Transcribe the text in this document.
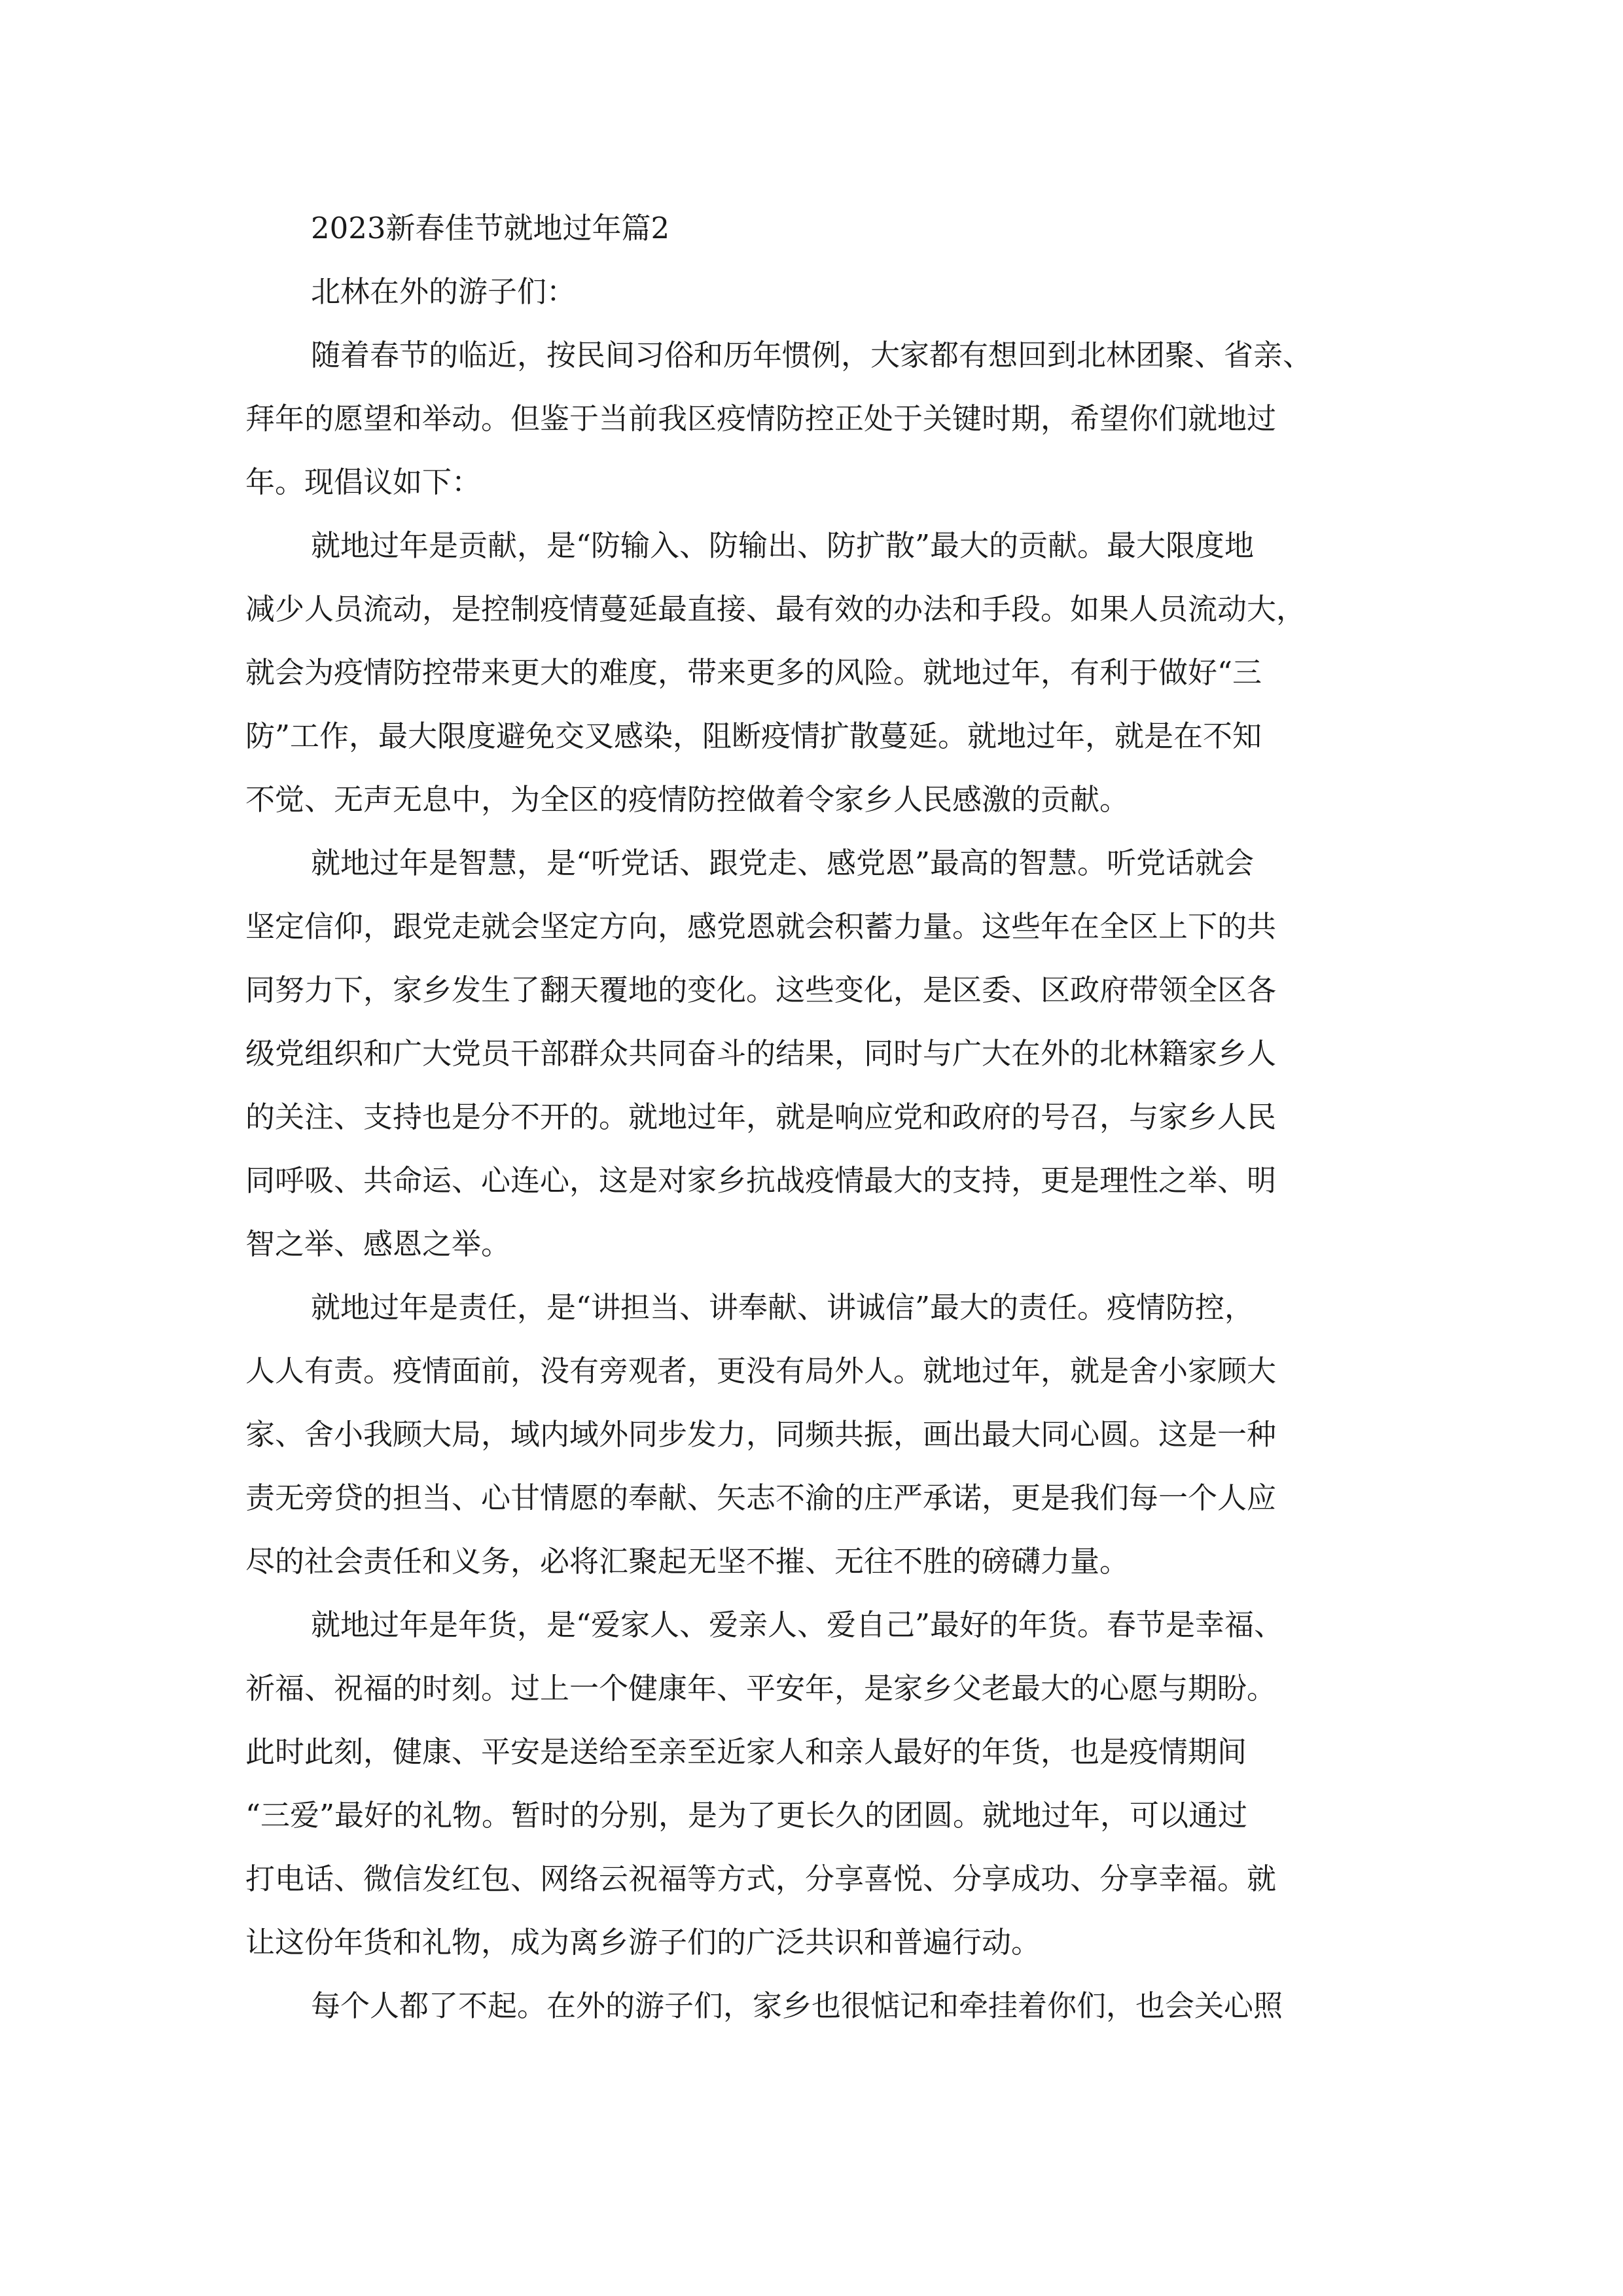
2023新春佳节就地过年篇2
北林在外的游子们：
随着春节的临近，按民间习俗和历年惯例，大家都有想回到北林团聚、省亲、
拜年的愿望和举动。但鉴于当前我区疫情防控正处于关键时期，希望你们就地过
年。现倡议如下：
就地过年是贡献，是“防输入、防输出、防扩散”最大的贡献。最大限度地
减少人员流动，是控制疫情蔓延最直接、最有效的办法和手段。如果人员流动大，
就会为疫情防控带来更大的难度，带来更多的风险。就地过年，有利于做好“三
防”工作，最大限度避免交叉感染，阻断疫情扩散蔓延。就地过年，就是在不知
不觉、无声无息中，为全区的疫情防控做着令家乡人民感激的贡献。
就地过年是智慧，是“听党话、跟党走、感党恩”最高的智慧。听党话就会
坚定信仰，跟党走就会坚定方向，感党恩就会积蓄力量。这些年在全区上下的共
同努力下，家乡发生了翻天覆地的变化。这些变化，是区委、区政府带领全区各
级党组织和广大党员干部群众共同奋斗的结果，同时与广大在外的北林籍家乡人
的关注、支持也是分不开的。就地过年，就是响应党和政府的号召，与家乡人民
同呼吸、共命运、心连心，这是对家乡抗战疫情最大的支持，更是理性之举、明
智之举、感恩之举。
就地过年是责任，是“讲担当、讲奉献、讲诚信”最大的责任。疫情防控，
人人有责。疫情面前，没有旁观者，更没有局外人。就地过年，就是舍小家顾大
家、舍小我顾大局，域内域外同步发力，同频共振，画出最大同心圆。这是一种
责无旁贷的担当、心甘情愿的奉献、矢志不渝的庄严承诺，更是我们每一个人应
尽的社会责任和义务，必将汇聚起无坚不摧、无往不胜的磅礴力量。
就地过年是年货，是“爱家人、爱亲人、爱自己”最好的年货。春节是幸福、
祈福、祝福的时刻。过上一个健康年、平安年，是家乡父老最大的心愿与期盼。
此时此刻，健康、平安是送给至亲至近家人和亲人最好的年货，也是疫情期间
“三爱”最好的礼物。暂时的分别，是为了更长久的团圆。就地过年，可以通过
打电话、微信发红包、网络云祝福等方式，分享喜悦、分享成功、分享幸福。就
让这份年货和礼物，成为离乡游子们的广泛共识和普遍行动。
每个人都了不起。在外的游子们，家乡也很惦记和牵挂着你们，也会关心照
